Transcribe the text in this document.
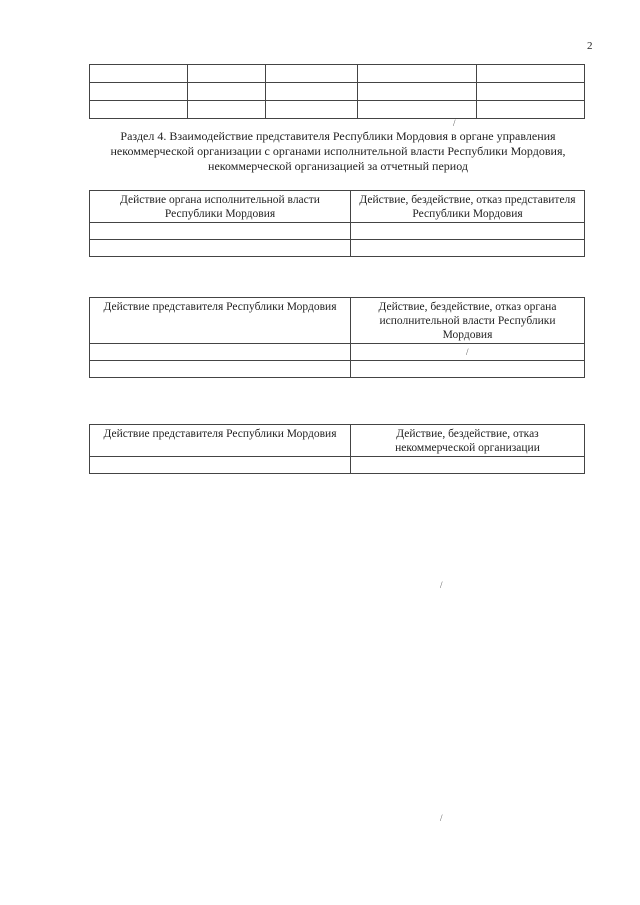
2

Раздел 4. Взаимодействие представителя Республики Мордовия в органе управления некоммерческой организации с органами исполнительной власти Республики Мордовия, некоммерческой организацией за отчетный период
Действие органа исполнительной власти Республики Мордовия	Действие, бездействие, отказ представителя Республики Мордовия

Действие представителя Республики Мордовия	Действие, бездействие, отказ органа исполнительной власти Республики Мордовия

Действие представителя Республики Мордовия	Действие, бездействие, отказ некоммерческой организации

/
/
/
/
